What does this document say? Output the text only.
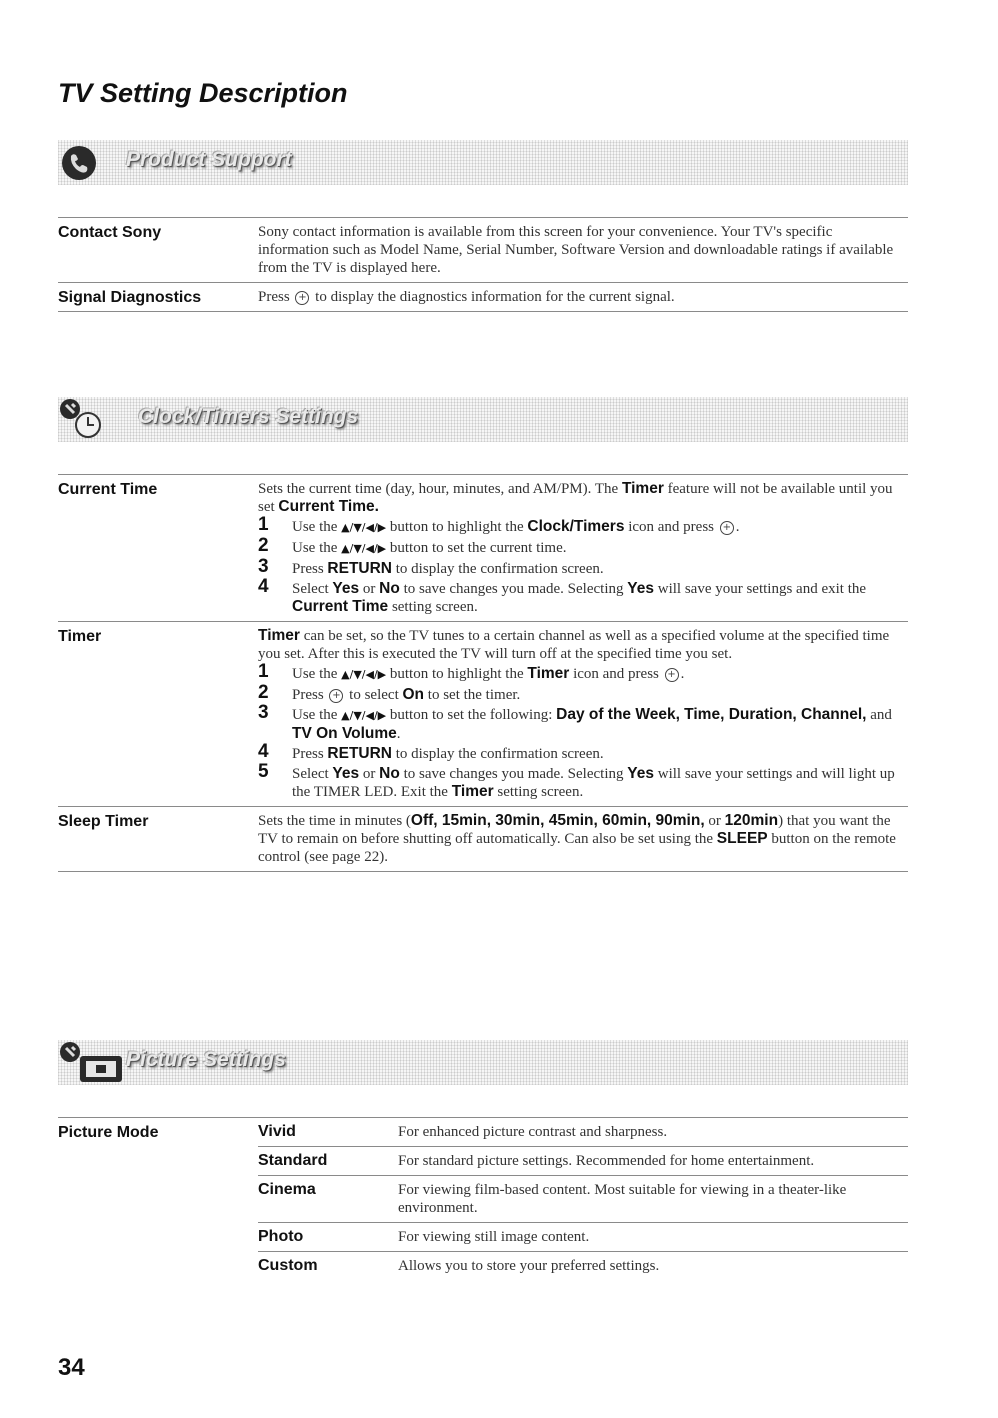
TV Setting Description
Product Support
Contact Sony	Sony contact information is available from this screen for your convenience. Your TV's specific information such as Model Name, Serial Number, Software Version and downloadable ratings if available from the TV is displayed here.
Signal Diagnostics	Press + to display the diagnostics information for the current signal.
Clock/Timers Settings
Current Time	Sets the current time (day, hour, minutes, and AM/PM). The Timer feature will not be available until you set Current Time.
1 Use the ▲/▼/◀/▶ button to highlight the Clock/Timers icon and press + .
2 Use the ▲/▼/◀/▶ button to set the current time.
3 Press RETURN to display the confirmation screen.
4 Select Yes or No to save changes you made. Selecting Yes will save your settings and exit the Current Time setting screen.
Timer	Timer can be set, so the TV tunes to a certain channel as well as a specified volume at the specified time you set. After this is executed the TV will turn off at the specified time you set.
1 Use the ▲/▼/◀/▶ button to highlight the Timer icon and press + .
2 Press + to select On to set the timer.
3 Use the ▲/▼/◀/▶ button to set the following: Day of the Week, Time, Duration, Channel, and TV On Volume.
4 Press RETURN to display the confirmation screen.
5 Select Yes or No to save changes you made. Selecting Yes will save your settings and will light up the TIMER LED. Exit the Timer setting screen.
Sleep Timer	Sets the time in minutes (Off, 15min, 30min, 45min, 60min, 90min, or 120min) that you want the TV to remain on before shutting off automatically. Can also be set using the SLEEP button on the remote control (see page 22).
Picture Settings
Picture Mode	Vivid	For enhanced picture contrast and sharpness.
Standard	For standard picture settings. Recommended for home entertainment.
Cinema	For viewing film-based content. Most suitable for viewing in a theater-like environment.
Photo	For viewing still image content.
Custom	Allows you to store your preferred settings.

34
